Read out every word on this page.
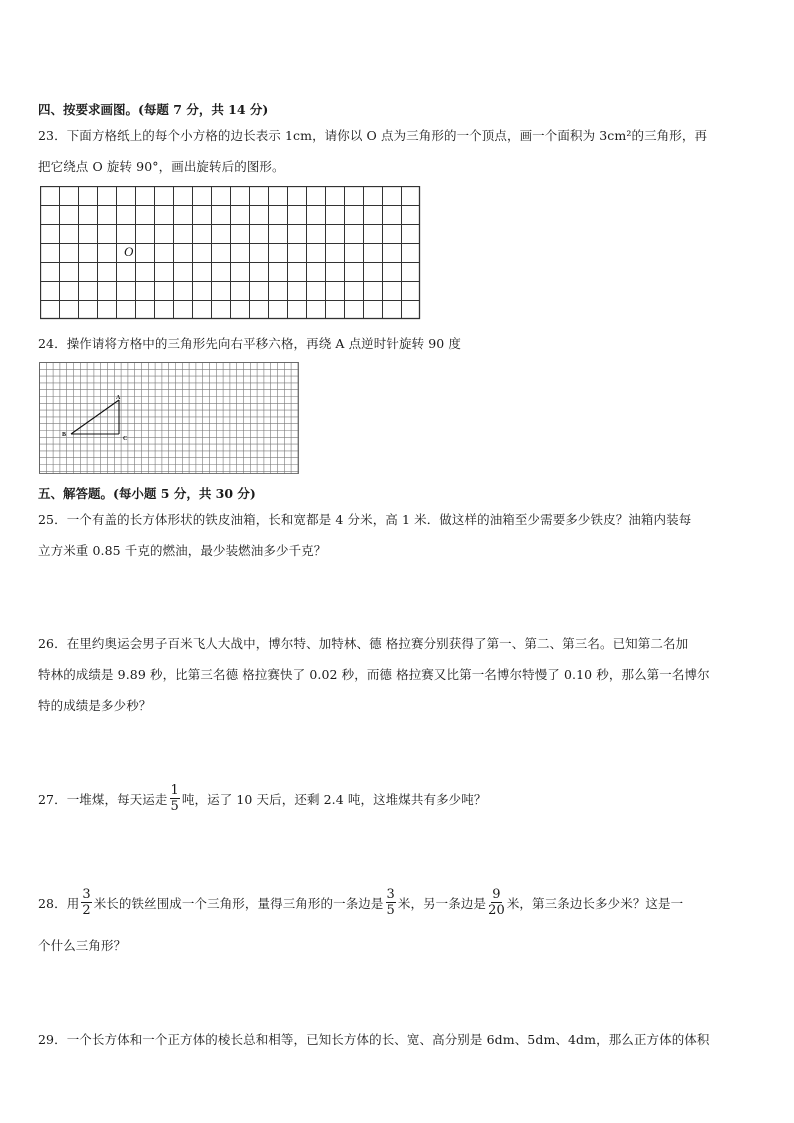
四、按要求画图。(每题 7 分，共 14 分)
23．下面方格纸上的每个小方格的边长表示 1cm，请你以 O 点为三角形的一个顶点，画一个面积为 3cm²的三角形，再
把它绕点 O 旋转 90°，画出旋转后的图形。
O
24．操作请将方格中的三角形先向右平移六格，再绕 A 点逆时针旋转 90 度
A
B
C
五、解答题。(每小题 5 分，共 30 分)
25．一个有盖的长方体形状的铁皮油箱，长和宽都是 4 分米，高 1 米．做这样的油箱至少需要多少铁皮？油箱内装每
立方米重 0.85 千克的燃油，最少装燃油多少千克？
26．在里约奥运会男子百米飞人大战中，博尔特、加特林、德 格拉赛分别获得了第一、第二、第三名。已知第二名加
特林的成绩是 9.89 秒，比第三名德 格拉赛快了 0.02 秒，而德 格拉赛又比第一名博尔特慢了 0.10 秒，那么第一名博尔
特的成绩是多少秒？
27．一堆煤，每天运走 $\frac{1}{5}$ 吨，运了 10 天后，还剩 2.4 吨，这堆煤共有多少吨？
28．用 $\frac{3}{2}$ 米长的铁丝围成一个三角形，量得三角形的一条边是 $\frac{3}{5}$ 米，另一条边是 $\frac{9}{20}$ 米，第三条边长多少米？这是一
个什么三角形？
29．一个长方体和一个正方体的棱长总和相等，已知长方体的长、宽、高分别是 6dm、5dm、4dm，那么正方体的体积
